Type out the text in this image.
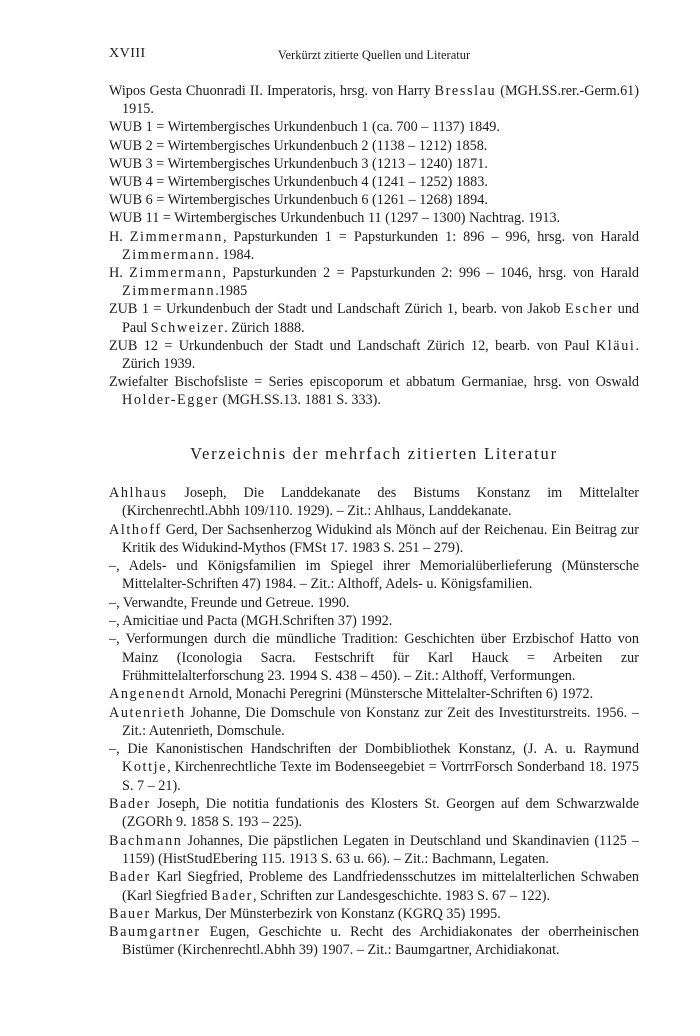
XVIII	Verkürzt zitierte Quellen und Literatur
Wipos Gesta Chuonradi II. Imperatoris, hrsg. von Harry Bresslau (MGH.SS.rer.-Germ.61) 1915.
WUB 1 = Wirtembergisches Urkundenbuch 1 (ca. 700 – 1137) 1849.
WUB 2 = Wirtembergisches Urkundenbuch 2 (1138 – 1212) 1858.
WUB 3 = Wirtembergisches Urkundenbuch 3 (1213 – 1240) 1871.
WUB 4 = Wirtembergisches Urkundenbuch 4 (1241 – 1252) 1883.
WUB 6 = Wirtembergisches Urkundenbuch 6 (1261 – 1268) 1894.
WUB 11 = Wirtembergisches Urkundenbuch 11 (1297 – 1300) Nachtrag. 1913.
H. Zimmermann, Papsturkunden 1 = Papsturkunden 1: 896 – 996, hrsg. von Harald Zimmermann. 1984.
H. Zimmermann, Papsturkunden 2 = Papsturkunden 2: 996 – 1046, hrsg. von Harald Zimmermann.1985
ZUB 1 = Urkundenbuch der Stadt und Landschaft Zürich 1, bearb. von Jakob Escher und Paul Schweizer. Zürich 1888.
ZUB 12 = Urkundenbuch der Stadt und Landschaft Zürich 12, bearb. von Paul Kläui. Zürich 1939.
Zwiefalter Bischofsliste = Series episcoporum et abbatum Germaniae, hrsg. von Oswald Holder-Egger (MGH.SS.13. 1881 S. 333).
Verzeichnis der mehrfach zitierten Literatur
Ahlhaus Joseph, Die Landdekanate des Bistums Konstanz im Mittelalter (Kirchenrechtl.Abhh 109/110. 1929). – Zit.: Ahlhaus, Landdekanate.
Althoff Gerd, Der Sachsenherzog Widukind als Mönch auf der Reichenau. Ein Beitrag zur Kritik des Widukind-Mythos (FMSt 17. 1983 S. 251 – 279).
–, Adels- und Königsfamilien im Spiegel ihrer Memorialüberlieferung (Münstersche Mittelalter-Schriften 47) 1984. – Zit.: Althoff, Adels- u. Königsfamilien.
–, Verwandte, Freunde und Getreue. 1990.
–, Amicitiae und Pacta (MGH.Schriften 37) 1992.
–, Verformungen durch die mündliche Tradition: Geschichten über Erzbischof Hatto von Mainz (Iconologia Sacra. Festschrift für Karl Hauck = Arbeiten zur Frühmittelalterforschung 23. 1994 S. 438 – 450). – Zit.: Althoff, Verformungen.
Angenendt Arnold, Monachi Peregrini (Münstersche Mittelalter-Schriften 6) 1972.
Autenrieth Johanne, Die Domschule von Konstanz zur Zeit des Investiturstreits. 1956. – Zit.: Autenrieth, Domschule.
–, Die Kanonistischen Handschriften der Dombibliothek Konstanz, (J. A. u. Raymund Kottje, Kirchenrechtliche Texte im Bodenseegebiet = VortrrForsch Sonderband 18. 1975 S. 7 – 21).
Bader Joseph, Die notitia fundationis des Klosters St. Georgen auf dem Schwarzwalde (ZGORh 9. 1858 S. 193 – 225).
Bachmann Johannes, Die päpstlichen Legaten in Deutschland und Skandinavien (1125 – 1159) (HistStudEbering 115. 1913 S. 63 u. 66). – Zit.: Bachmann, Legaten.
Bader Karl Siegfried, Probleme des Landfriedensschutzes im mittelalterlichen Schwaben (Karl Siegfried Bader, Schriften zur Landesgeschichte. 1983 S. 67 – 122).
Bauer Markus, Der Münsterbezirk von Konstanz (KGRQ 35) 1995.
Baumgartner Eugen, Geschichte u. Recht des Archidiakonates der oberrheinischen Bistümer (Kirchenrechtl.Abhh 39) 1907. – Zit.: Baumgartner, Archidiakonat.
